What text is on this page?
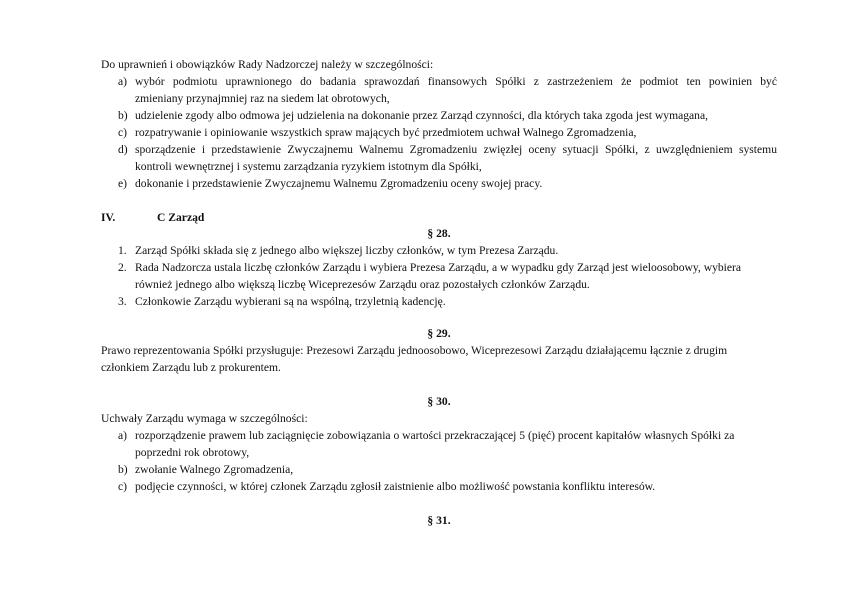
Do uprawnień i obowiązków Rady Nadzorczej należy w szczególności:
a) wybór podmiotu uprawnionego do badania sprawozdań finansowych Spółki z zastrzeżeniem że podmiot ten powinien być
zmieniany przynajmniej raz na siedem lat obrotowych,
b) udzielenie zgody albo odmowa jej udzielenia na dokonanie przez Zarząd czynności, dla których taka zgoda jest wymagana,
c) rozpatrywanie i opiniowanie wszystkich spraw mających być przedmiotem uchwał Walnego Zgromadzenia,
d) sporządzenie i przedstawienie Zwyczajnemu Walnemu Zgromadzeniu zwięzłej oceny sytuacji Spółki, z uwzględnieniem systemu
kontroli wewnętrznej i systemu zarządzania ryzykiem istotnym dla Spółki,
e) dokonanie i przedstawienie Zwyczajnemu Walnemu Zgromadzeniu oceny swojej pracy.
IV.	C Zarząd
§ 28.
1. Zarząd Spółki składa się z jednego albo większej liczby członków, w tym Prezesa Zarządu.
2. Rada Nadzorcza ustala liczbę członków Zarządu i wybiera Prezesa Zarządu, a w wypadku gdy Zarząd jest wieloosobowy, wybiera
również jednego albo większą liczbę Wiceprezesów Zarządu oraz pozostałych członków Zarządu.
3. Członkowie Zarządu wybierani są na wspólną, trzyletnią kadencję.
§ 29.
Prawo reprezentowania Spółki przysługuje: Prezesowi Zarządu jednoosobowo, Wiceprezesowi Zarządu działającemu łącznie z drugim
członkiem Zarządu lub z prokurentem.
§ 30.
Uchwały Zarządu wymaga w szczególności:
a) rozporządzenie prawem lub zaciągnięcie zobowiązania o wartości przekraczającej 5 (pięć) procent kapitałów własnych Spółki za
poprzedni rok obrotowy,
b) zwołanie Walnego Zgromadzenia,
c) podjęcie czynności, w której członek Zarządu zgłosił zaistnienie albo możliwość powstania konfliktu interesów.
§ 31.
